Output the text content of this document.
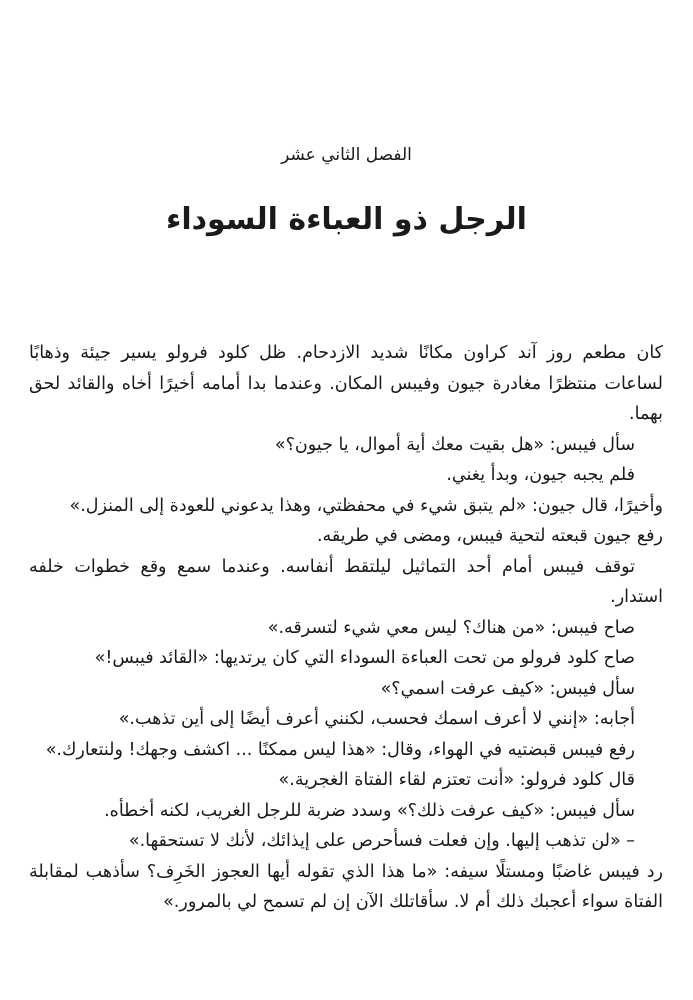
الفصل الثاني عشر
الرجل ذو العباءة السوداء

كان مطعم روز آند كراون مكانًا شديد الازدحام. ظل كلود فرولو يسير جيئة وذهابًا لساعات منتظرًا مغادرة جيون وفيبس المكان. وعندما بدا أمامه أخيرًا أخاه والقائد لحق بهما.

سأل فيبس: «هل بقيت معك أية أموال، يا جيون؟»

فلم يجبه جيون، وبدأ يغني.

وأخيرًا، قال جيون: «لم يتبق شيء في محفظتي، وهذا يدعوني للعودة إلى المنزل.»

رفع جيون قبعته لتحية فيبس، ومضى في طريقه.

توقف فيبس أمام أحد التماثيل ليلتقط أنفاسه. وعندما سمع وقع خطوات خلفه استدار.

صاح فيبس: «من هناك؟ ليس معي شيء لتسرقه.»

صاح كلود فرولو من تحت العباءة السوداء التي كان يرتديها: «القائد فيبس!»

سأل فيبس: «كيف عرفت اسمي؟»

أجابه: «إنني لا أعرف اسمك فحسب، لكنني أعرف أيضًا إلى أين تذهب.»

رفع فيبس قبضتيه في الهواء، وقال: «هذا ليس ممكنًا ... اكشف وجهك! ولنتعارك.»

قال كلود فرولو: «أنت تعتزم لقاء الفتاة الغجرية.»

سأل فيبس: «كيف عرفت ذلك؟» وسدد ضربة للرجل الغريب، لكنه أخطأه.

– «لن تذهب إليها. وإن فعلت فسأحرص على إيذائك، لأنك لا تستحقها.»

رد فيبس غاضبًا ومستلًا سيفه: «ما هذا الذي تقوله أيها العجوز الخَرِف؟ سأذهب لمقابلة الفتاة سواء أعجبك ذلك أم لا. سأقاتلك الآن إن لم تسمح لي بالمرور.»
